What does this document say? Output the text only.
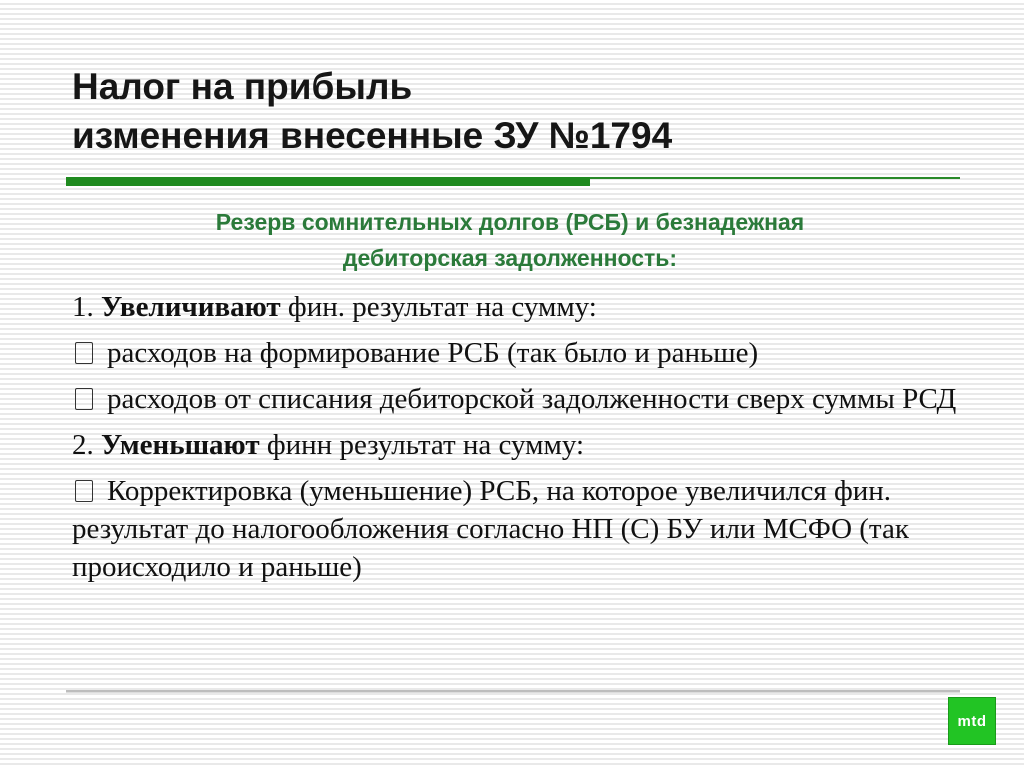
Налог на прибыль
изменения внесенные ЗУ №1794
Резерв сомнительных долгов (РСБ) и безнадежная
дебиторская задолженность:

1. Увеличивают фин. результат на сумму:

расходов на формирование РСБ (так было и раньше)

расходов от списания дебиторской задолженности сверх суммы РСД

2. Уменьшают финн результат на сумму:

Корректировка (уменьшение) РСБ, на которое увеличился фин. результат до налогообложения согласно НП (С) БУ или МСФО (так происходило и раньше)

mtd
